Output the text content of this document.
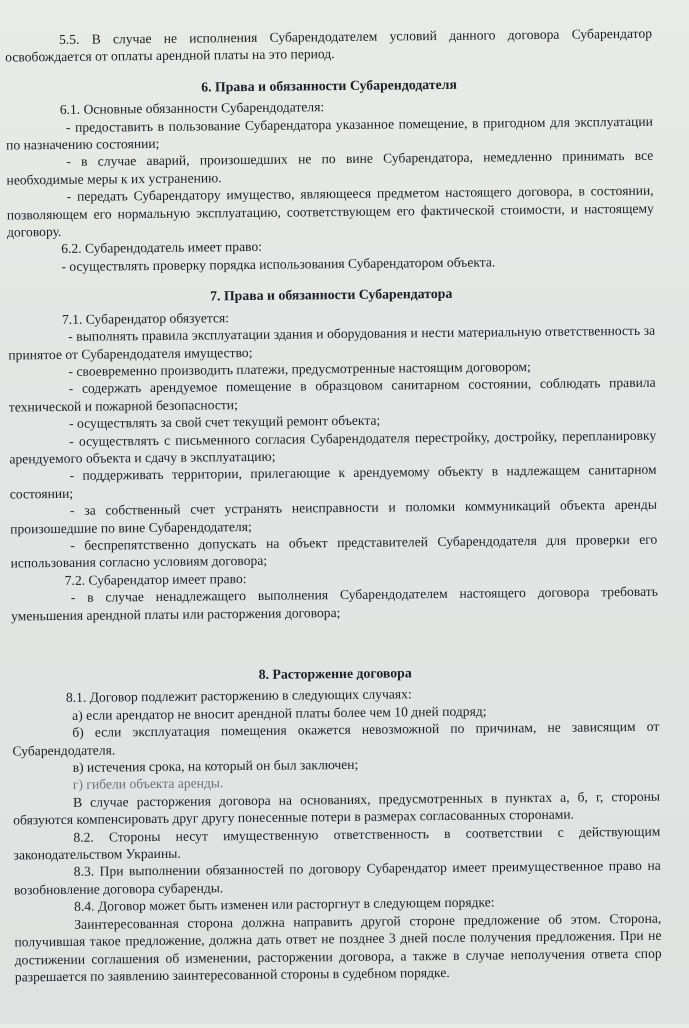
5.5. В случае не исполнения Субарендодателем условий данного договора Субарендатор освобождается от оплаты арендной платы на это период.

6. Права и обязанности Субарендодателя

6.1. Основные обязанности Субарендодателя:

- предоставить в пользование Субарендатора указанное помещение, в пригодном для эксплуатации по назначению состоянии;

- в случае аварий, произошедших не по вине Субарендатора, немедленно принимать все необходимые меры к их устранению.

- передать Субарендатору имущество, являющееся предметом настоящего договора, в состоянии, позволяющем его нормальную эксплуатацию, соответствующем его фактической стоимости, и настоящему договору.

6.2. Субарендодатель имеет право:

- осуществлять проверку порядка использования Субарендатором объекта.

7. Права и обязанности Субарендатора

7.1. Субарендатор обязуется:

- выполнять правила эксплуатации здания и оборудования и нести материальную ответственность за принятое от Субарендодателя имущество;

- своевременно производить платежи, предусмотренные настоящим договором;

- содержать арендуемое помещение в образцовом санитарном состоянии, соблюдать правила технической и пожарной безопасности;

- осуществлять за свой счет текущий ремонт объекта;

- осуществлять с письменного согласия Субарендодателя перестройку, достройку, перепланировку арендуемого объекта и сдачу в эксплуатацию;

- поддерживать территории, прилегающие к арендуемому объекту в надлежащем санитарном состоянии;

- за собственный счет устранять неисправности и поломки коммуникаций объекта аренды произошедшие по вине Субарендодателя;

- беспрепятственно допускать на объект представителей Субарендодателя для проверки его использования согласно условиям договора;

7.2. Субарендатор имеет право:

- в случае ненадлежащего выполнения Субарендодателем настоящего договора требовать уменьшения арендной платы или расторжения договора;

8. Расторжение договора

8.1. Договор подлежит расторжению в следующих случаях:

а) если арендатор не вносит арендной платы более чем 10 дней подряд;

б) если эксплуатация помещения окажется невозможной по причинам, не зависящим от Субарендодателя.

в) истечения срока, на который он был заключен;

г) гибели объекта аренды.

В случае расторжения договора на основаниях, предусмотренных в пунктах а, б, г, стороны обязуются компенсировать друг другу понесенные потери в размерах согласованных сторонами.

8.2. Стороны несут имущественную ответственность в соответствии с действующим законодательством Украины.

8.3. При выполнении обязанностей по договору Субарендатор имеет преимущественное право на возобновление договора субаренды.

8.4. Договор может быть изменен или расторгнут в следующем порядке:

Заинтересованная сторона должна направить другой стороне предложение об этом. Сторона, получившая такое предложение, должна дать ответ не позднее 3 дней после получения предложения. При не достижении соглашения об изменении, расторжении договора, а также в случае неполучения ответа спор разрешается по заявлению заинтересованной стороны в судебном порядке.
